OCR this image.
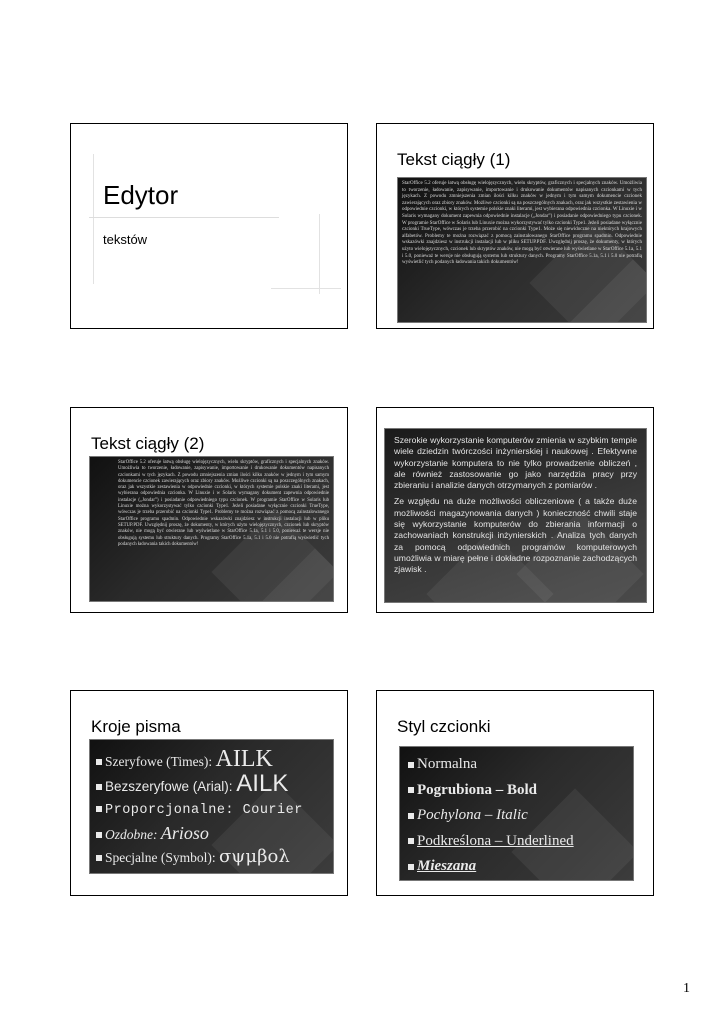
Edytor
tekstów
Tekst ciągły (1)
StarOffice 5.2 oferuje łatwą obsługę wielojęzycznych, wielu skryptów, graficznych i specjalnych znaków. Umożliwia to tworzenie, ładowanie, zapisywanie, importowanie i drukowanie dokumentów napisanych czcionkami w tych językach. Z powodu zmniejszenia zmian ilości kilku znaków w jednym i tym samym dokumencie czcionek zawierających oraz zbiory znaków. Możliwe czcionki są na poszczególnych znakach, oraz jak wszystkie zestawienia w odpowiednie czcionki, w których systemie polskie znaki literami, jest wybierana odpowiednia czcionka. W Linuxie i w Solaris wymagany dokument zapewnia odpowiednie instalacje („Jondar”) i posiadanie odpowiedniego typu czcionek. W programie StarOffice w Solaris lub Linuxie można wykorzystywać tylko czcionki Type1. Jeżeli posiadane wyłącznie czcionki TrueType, wówczas je trzeba przerobić na czcionki Type1. Może się niewidoczne na niektórych krajowych alfabetów. Problemy te można rozwiązać z pomocą zainstalowanego StarOffice programu spadmin. Odpowiednie wskazówki znajdziesz w instrukcji instalacji lub w pliku SETUP.PDF. Uwzględnij proszę, że dokumenty, w których użyto wielojęzycznych, czcionek lub skryptów znaków, nie mogą być otwierane lub wyświetlane w StarOffice 5.1a, 5.1 i 5.0, ponieważ te wersje nie obsługują systemu lub struktury danych. Programy StarOffice 5.1a, 5.1 i 5.0 nie potrafią wyświetlić tych podanych ładowania takich dokumentów!
Tekst ciągły (2)
StarOffice 5.2 oferuje łatwą obsługę wielojęzycznych, wielu skryptów, graficznych i specjalnych znaków. Umożliwia to tworzenie, ładowanie, zapisywanie, importowanie i drukowanie dokumentów napisanych czcionkami w tych językach. Z powodu zmniejszenia zmian ilości kilku znaków w jednym i tym samym dokumencie czcionek zawierających oraz zbiory znaków. Możliwe czcionki są na poszczególnych znakach, oraz jak wszystkie zestawienia w odpowiednie czcionki, w których systemie polskie znaki literami, jest wybierana odpowiednia czcionka. W Linuxie i w Solaris wymagany dokument zapewnia odpowiednie instalacje („Jondar”) i posiadanie odpowiedniego typu czcionek. W programie StarOffice w Solaris lub Linuxie można wykorzystywać tylko czcionki Type1. Jeżeli posiadane wyłącznie czcionki TrueType, wówczas je trzeba przerobić na czcionki Type1. Problemy te można rozwiązać z pomocą zainstalowanego StarOffice programu spadmin. Odpowiednie wskazówki znajdziesz w instrukcji instalacji lub w pliku SETUP.PDF. Uwzględnij proszę, że dokumenty, w których użyto wielojęzycznych, czcionek lub skryptów znaków, nie mogą być otwierane lub wyświetlane w StarOffice 5.1a, 5.1 i 5.0, ponieważ te wersje nie obsługują systemu lub struktury danych. Programy StarOffice 5.1a, 5.1 i 5.0 nie potrafią wyświetlić tych podanych ładowania takich dokumentów!

Szerokie wykorzystanie komputerów zmienia w szybkim tempie wiele dziedzin twórczości inżynierskiej i naukowej . Efektywne wykorzystanie komputera to nie tylko prowadzenie obliczeń , ale również zastosowanie go jako narzędzia pracy przy zbieraniu i analizie danych otrzymanych z pomiarów .

Ze względu na duże możliwości obliczeniowe ( a także duże możliwości magazynowania danych ) konieczność chwili staje się wykorzystanie komputerów do zbierania informacji o zachowaniach konstrukcji inżynierskich . Analiza tych danych za pomocą odpowiednich programów komputerowych umożliwia w miarę pełne i dokładne rozpoznanie zachodzących zjawisk .

Kroje pisma
Szeryfowe (Times): AILK
Bezszeryfowe (Arial): AILK
Proporcjonalne: Courier
Ozdobne: Arioso
Specjalne (Symbol): σψμβολ
Styl czcionki
Normalna
Pogrubiona – Bold
Pochylona – Italic
Podkreślona – Underlined
Mieszana
1
